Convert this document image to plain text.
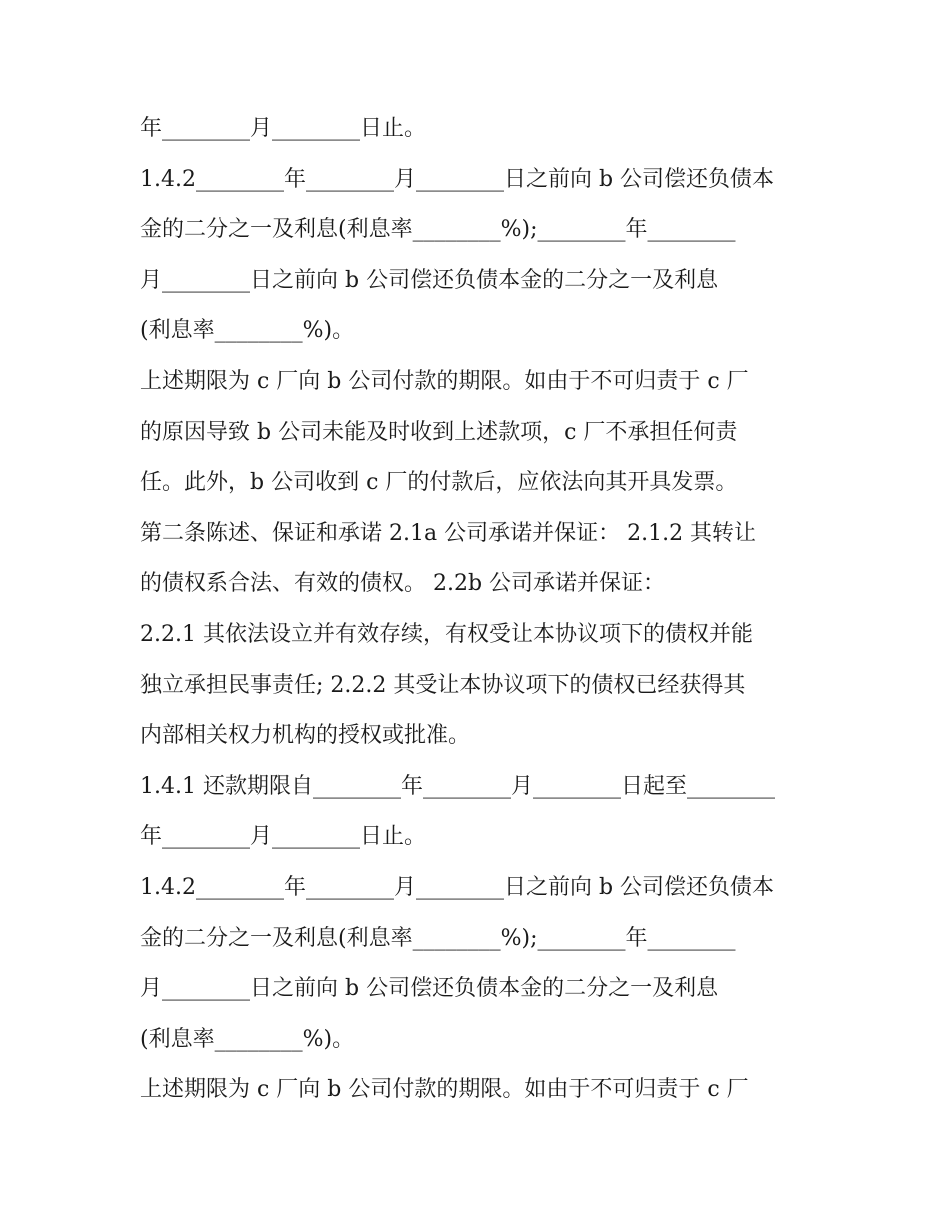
年________月________日止。
1.4.2________年________月________日之前向 b 公司偿还负债本
金的二分之一及利息(利息率________%);________年________
月________日之前向 b 公司偿还负债本金的二分之一及利息
(利息率________%)。
上述期限为 c 厂向 b 公司付款的期限。如由于不可归责于 c 厂
的原因导致 b 公司未能及时收到上述款项，c 厂不承担任何责
任。此外，b 公司收到 c 厂的付款后，应依法向其开具发票。
第二条陈述、保证和承诺 2.1a 公司承诺并保证： 2.1.2 其转让
的债权系合法、有效的债权。 2.2b 公司承诺并保证：
2.2.1 其依法设立并有效存续，有权受让本协议项下的债权并能
独立承担民事责任; 2.2.2 其受让本协议项下的债权已经获得其
内部相关权力机构的授权或批准。
1.4.1 还款期限自________年________月________日起至________
年________月________日止。
1.4.2________年________月________日之前向 b 公司偿还负债本
金的二分之一及利息(利息率________%);________年________
月________日之前向 b 公司偿还负债本金的二分之一及利息
(利息率________%)。
上述期限为 c 厂向 b 公司付款的期限。如由于不可归责于 c 厂
